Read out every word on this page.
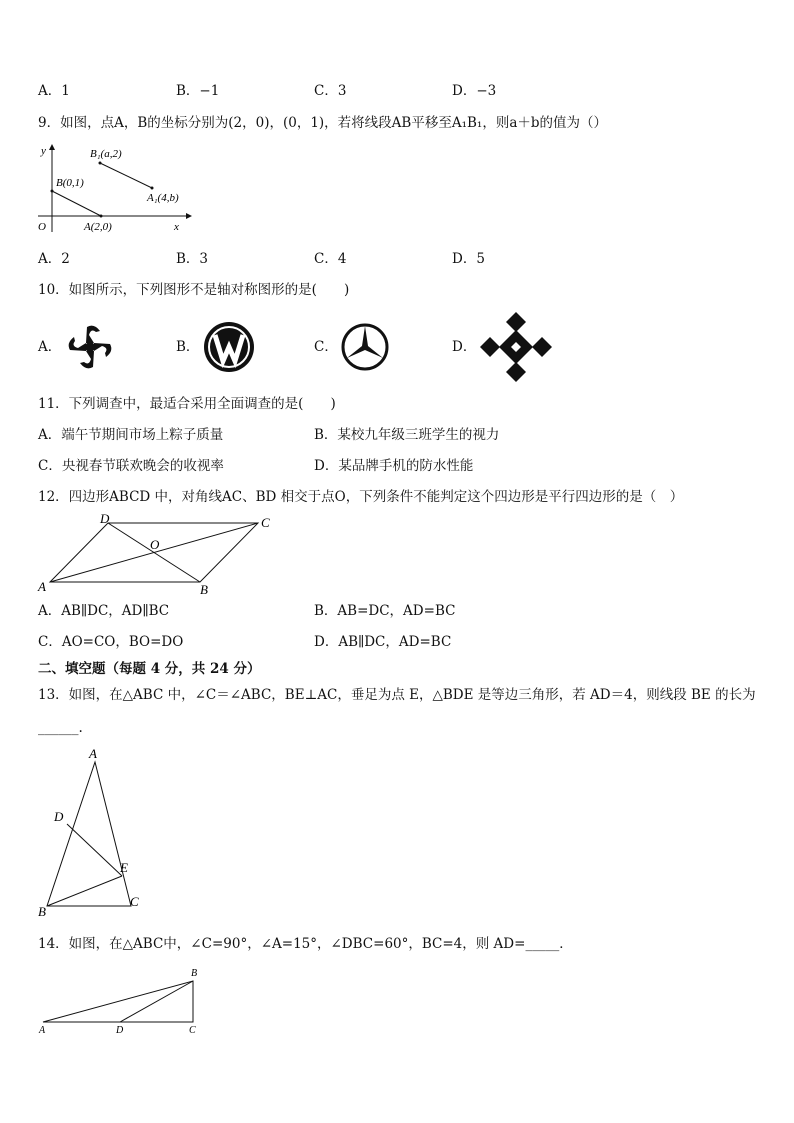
A．1	B．−1	C．3	D．−3
9．如图，点A，B的坐标分别为(2，0)，(0，1)，若将线段AB平移至A₁B₁，则a＋b的值为（）
y
x
O
B(0,1)
A(2,0)
B₁(a,2)
A₁(4,b)
A．2	B．3	C．4	D．5
10．如图所示，下列图形不是轴对称图形的是(　　)
A．	B．	C．	D．
11．下列调查中，最适合采用全面调查的是(　　)
A．端午节期间市场上粽子质量	B．某校九年级三班学生的视力
C．央视春节联欢晚会的收视率	D．某品牌手机的防水性能
12．四边形ABCD 中，对角线AC、BD 相交于点O，下列条件不能判定这个四边形是平行四边形的是（　）
A	B
C
D
O
A．AB∥DC，AD∥BC	B．AB=DC，AD=BC
C．AO=CO，BO=DO	D．AB∥DC，AD=BC
二、填空题（每题 4 分，共 24 分）
13．如图，在△ABC 中，∠C＝∠ABC，BE⊥AC，垂足为点 E，△BDE 是等边三角形，若 AD＝4，则线段 BE 的长为
______.
A
B
C
D
E
14．如图，在△ABC中，∠C=90°，∠A=15°，∠DBC=60°，BC=4，则 AD=_____．
A
B
C
D
